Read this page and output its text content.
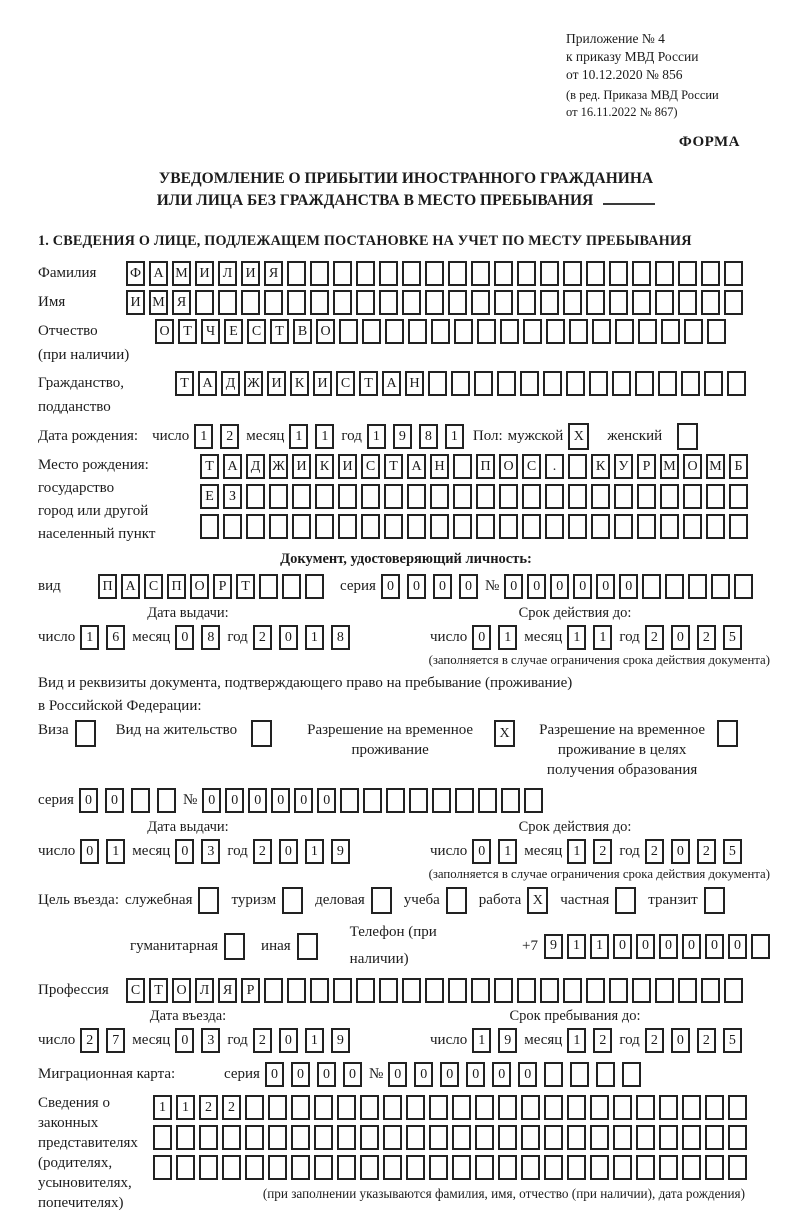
Приложение № 4
к приказу МВД России
от 10.12.2020 № 856
(в ред. Приказа МВД России
от 16.11.2022 № 867)
ФОРМА
УВЕДОМЛЕНИЕ О ПРИБЫТИИ ИНОСТРАННОГО ГРАЖДАНИНА
ИЛИ ЛИЦА БЕЗ ГРАЖДАНСТВА В МЕСТО ПРЕБЫВАНИЯ
1. СВЕДЕНИЯ О ЛИЦЕ, ПОДЛЕЖАЩЕМ ПОСТАНОВКЕ НА УЧЕТ ПО МЕСТУ ПРЕБЫВАНИЯ
Фамилия	Ф А М И Л И Я
Имя	И М Я
Отчество
(при наличии)
О Т	Ч	Е	С	Т	В О
Гражданство,
подданство
Т А Д Ж И К И С	Т А Н
Дата рождения: число 1	2 месяц 1	1 год 1	9	8	1	Пол: мужской X	женский
Место рождения:
государство
город или другой
населенный пункт
Т А Д Ж И К И С	Т А Н	П О С	.	К У	Р М О М Б
Е	З
Документ, удостоверяющий личность:
вид	П А С П О	Р	Т	серия 0	0	0	0 № 0	0	0	0	0	0
Дата выдачи:
число 1	6 месяц 0	8 год 2	0	1	8
Срок действия до:
число 0	1 месяц 1	1 год 2	0	2	5
(заполняется в случае ограничения срока действия документа)
Вид и реквизиты документа, подтверждающего право на пребывание (проживание)
в Российской Федерации:
Виза	Вид на жительство	Разрешение на временное проживание
X	Разрешение на временное проживание в целях получения образования
серия 0	0	№ 0	0	0	0	0	0
Дата выдачи:
число 0	1 месяц 0	3 год 2	0	1	9
Срок действия до:
число 0	1 месяц 1	2 год 2	0	2	5
(заполняется в случае ограничения срока действия документа)
Цель въезда: служебная	туризм	деловая	учеба	работа X	частная	транзит
гуманитарная	иная
Телефон (при наличии)
+7 9	1	1	0	0	0	0	0	0
Профессия	С	Т О Л Я	Р
Дата въезда:
число 2	7 месяц 0	3 год 2	0	1	9
Срок пребывания до:
число 1	9 месяц 1	2 год 2	0	2	5
Миграционная карта:	серия 0	0	0	0 № 0	0	0	0	0	0
Сведения о
законных
представителях
(родителях,
усыновителях,
попечителях)
1	1	2	2
(при заполнении указываются фамилия, имя, отчество (при наличии), дата рождения)
